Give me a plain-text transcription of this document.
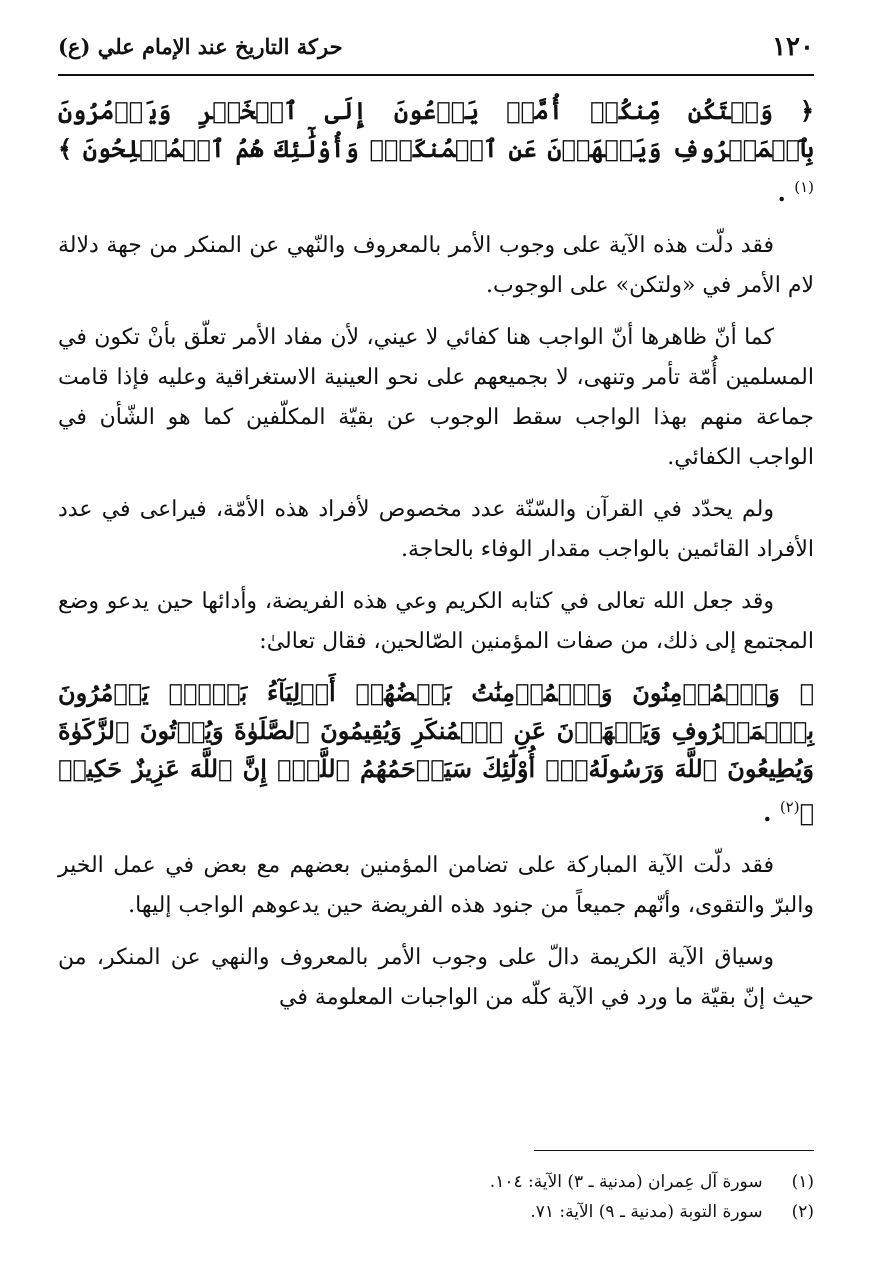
١٢٠
حركة التاريخ عند الإمام علي (ع)

﴿ وَلۡتَكُن مِّنكُمۡ أُمَّةٞ يَدۡعُونَ إِلَى ٱلۡخَيۡرِ وَيَأۡمُرُونَ بِٱلۡمَعۡرُوفِ وَيَنۡهَوۡنَ عَنِ ٱلۡمُنكَرِۚ وَأُوْلَٰٓئِكَ هُمُ ٱلۡمُفۡلِحُونَ ﴾$^{(١)}$ .

فقد دلّت هذه الآية على وجوب الأمر بالمعروف والنّهي عن المنكر من جهة دلالة لام الأمر في «ولتكن» على الوجوب.

كما أنّ ظاهرها أنّ الواجب هنا كفائي لا عيني، لأن مفاد الأمر تعلّق بأنْ تكون في المسلمين أُمّة تأمر وتنهى، لا بجميعهم على نحو العينية الاستغراقية وعليه فإذا قامت جماعة منهم بهذا الواجب سقط الوجوب عن بقيّة المكلّفين كما هو الشّأن في الواجب الكفائي.

ولم يحدّد في القرآن والسّنّة عدد مخصوص لأفراد هذه الأمّة، فيراعى في عدد الأفراد القائمين بالواجب مقدار الوفاء بالحاجة.

وقد جعل الله تعالى في كتابه الكريم وعي هذه الفريضة، وأدائها حين يدعو وضع المجتمع إلى ذلك، من صفات المؤمنين الصّالحين، فقال تعالىٰ:

﴿ وَٱلۡمُؤۡمِنُونَ وَٱلۡمُؤۡمِنَٰتُ بَعۡضُهُمۡ أَوۡلِيَآءُ بَعۡضٖۚ يَأۡمُرُونَ بِٱلۡمَعۡرُوفِ وَيَنۡهَوۡنَ عَنِ ٱلۡمُنكَرِ وَيُقِيمُونَ ٱلصَّلَوٰةَ وَيُؤۡتُونَ ٱلزَّكَوٰةَ وَيُطِيعُونَ ٱللَّهَ وَرَسُولَهُۥٓۚ أُوْلَٰٓئِكَ سَيَرۡحَمُهُمُ ٱللَّهُۗ إِنَّ ٱللَّهَ عَزِيزٌ حَكِيمٞ ﴾$^{(٢)}$ .

فقد دلّت الآية المباركة على تضامن المؤمنين بعضهم مع بعض في عمل الخير والبرّ والتقوى، وأنّهم جميعاً من جنود هذه الفريضة حين يدعوهم الواجب إليها.

وسياق الآية الكريمة دالّ على وجوب الأمر بالمعروف والنهي عن المنكر، من حيث إنّ بقيّة ما ورد في الآية كلّه من الواجبات المعلومة في

(١) سورة آل عِمران (مدنية ـ ٣) الآية: ١٠٤.
(٢) سورة التوبة (مدنية ـ ٩) الآية: ٧١.
